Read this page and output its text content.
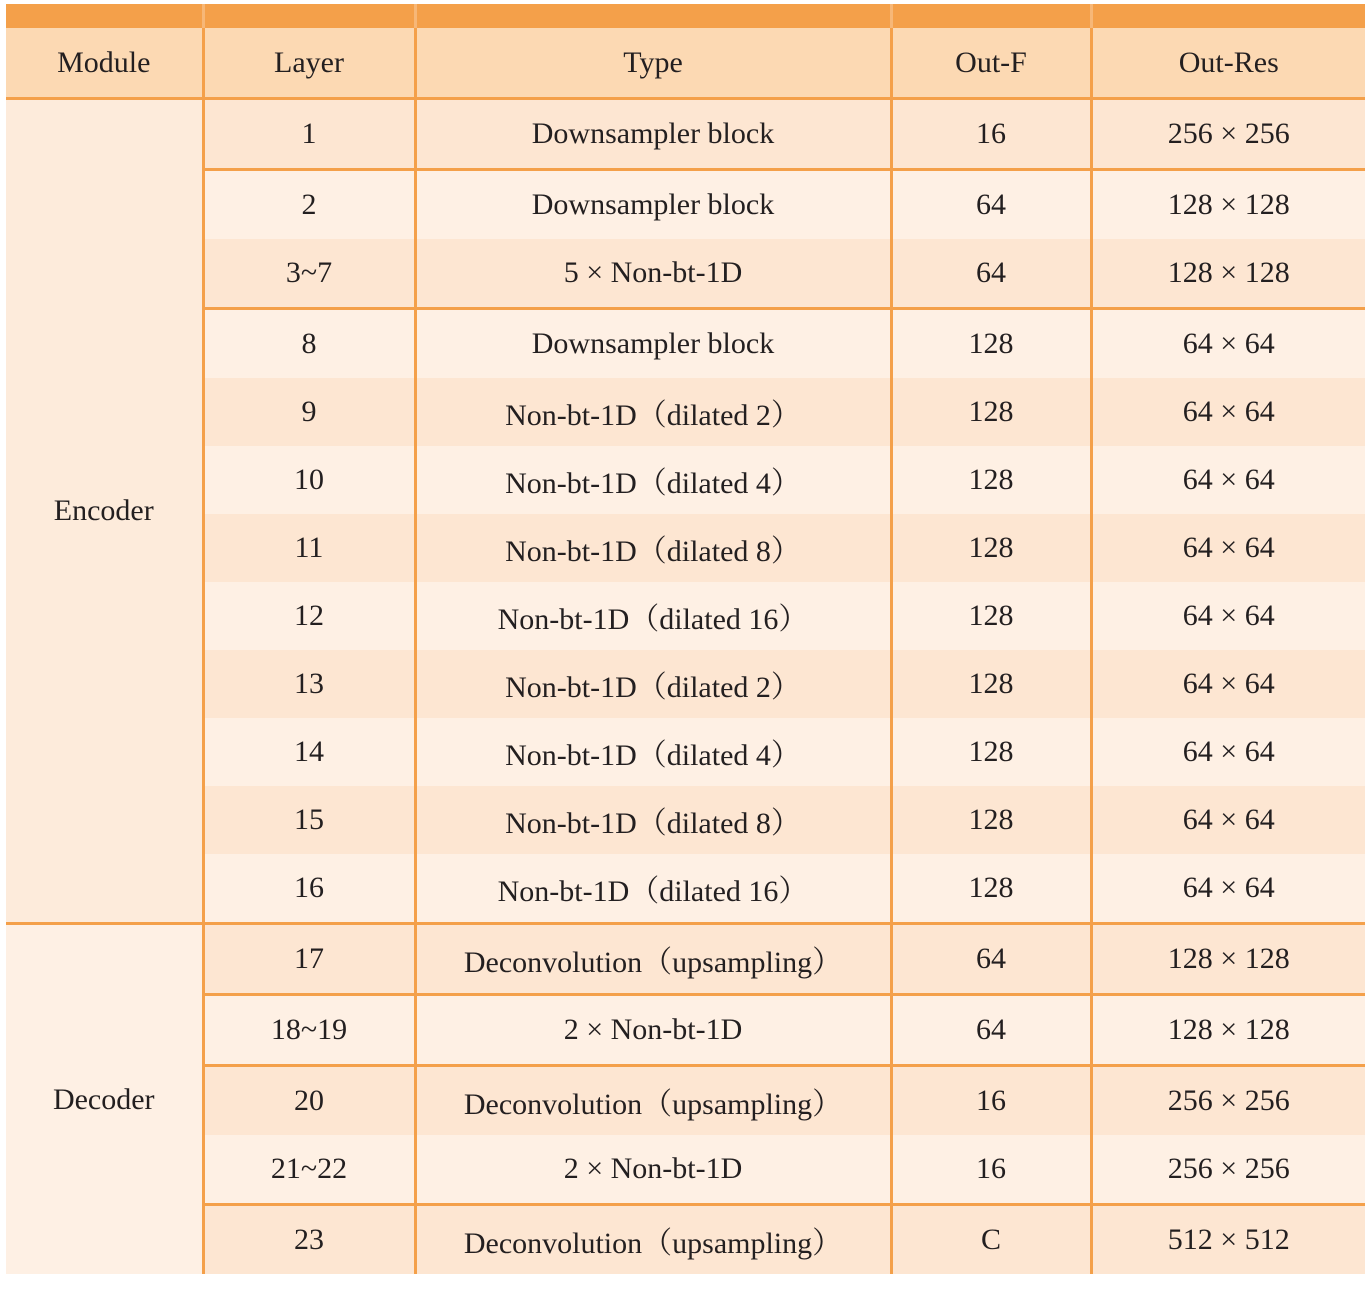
Module	Layer	Type	Out-F	Out-Res
Encoder	1	Downsampler block	16	256 × 256
	2	Downsampler block	64	128 × 128
	3~7	5 × Non-bt-1D	64	128 × 128
	8	Downsampler block	128	64 × 64
	9	Non-bt-1D（dilated 2）	128	64 × 64
	10	Non-bt-1D（dilated 4）	128	64 × 64
	11	Non-bt-1D（dilated 8）	128	64 × 64
	12	Non-bt-1D（dilated 16）	128	64 × 64
	13	Non-bt-1D（dilated 2）	128	64 × 64
	14	Non-bt-1D（dilated 4）	128	64 × 64
	15	Non-bt-1D（dilated 8）	128	64 × 64
	16	Non-bt-1D（dilated 16）	128	64 × 64
Decoder	17	Deconvolution（upsampling）	64	128 × 128
	18~19	2 × Non-bt-1D	64	128 × 128
	20	Deconvolution（upsampling）	16	256 × 256
	21~22	2 × Non-bt-1D	16	256 × 256
	23	Deconvolution（upsampling）	C	512 × 512
